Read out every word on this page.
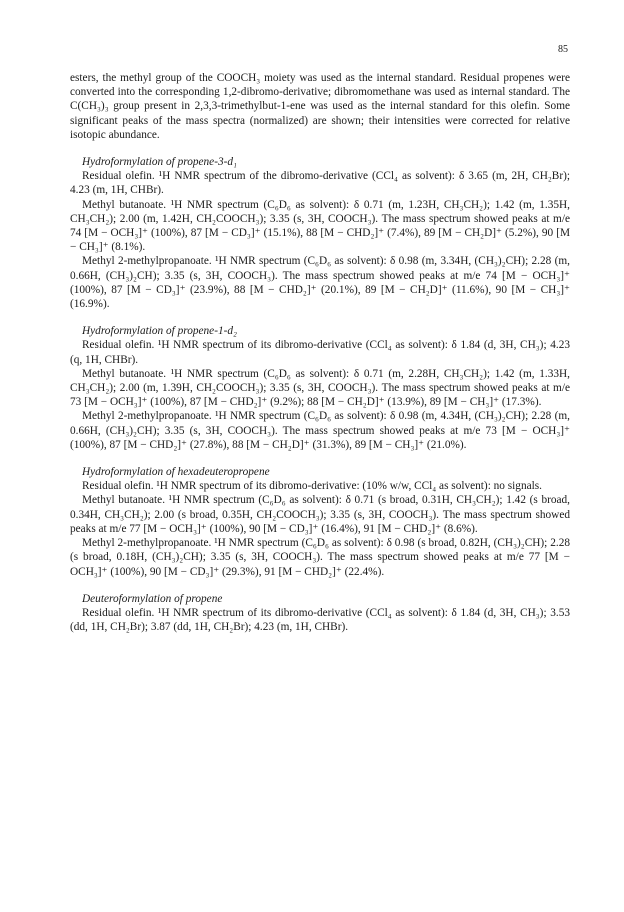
85

esters, the methyl group of the COOCH₃ moiety was used as the internal standard. Residual propenes were converted into the corresponding 1,2-dibromo-derivative; dibromomethane was used as internal standard. The C(CH₃)₃ group present in 2,3,3-trimethylbut-1-ene was used as the internal standard for this olefin. Some significant peaks of the mass spectra (normalized) are shown; their intensities were corrected for relative isotopic abundance.

Hydroformylation of propene-3-d₁

Residual olefin. ¹H NMR spectrum of the dibromo-derivative (CCl₄ as solvent): δ 3.65 (m, 2H, CH₂Br); 4.23 (m, 1H, CHBr).

Methyl butanoate. ¹H NMR spectrum (C₆D₆ as solvent): δ 0.71 (m, 1.23H, CH₃CH₂); 1.42 (m, 1.35H, CH₃CH₂); 2.00 (m, 1.42H, CH₂COOCH₃); 3.35 (s, 3H, COOCH₃). The mass spectrum showed peaks at m/e 74 [M − OCH₃]⁺ (100%), 87 [M − CD₃]⁺ (15.1%), 88 [M − CHD₂]⁺ (7.4%), 89 [M − CH₂D]⁺ (5.2%), 90 [M − CH₃]⁺ (8.1%).

Methyl 2-methylpropanoate. ¹H NMR spectrum (C₆D₆ as solvent): δ 0.98 (m, 3.34H, (CH₃)₂CH); 2.28 (m, 0.66H, (CH₃)₂CH); 3.35 (s, 3H, COOCH₃). The mass spectrum showed peaks at m/e 74 [M − OCH₃]⁺ (100%), 87 [M − CD₃]⁺ (23.9%), 88 [M − CHD₂]⁺ (20.1%), 89 [M − CH₂D]⁺ (11.6%), 90 [M − CH₃]⁺ (16.9%).

Hydroformylation of propene-1-d₂

Residual olefin. ¹H NMR spectrum of its dibromo-derivative (CCl₄ as solvent): δ 1.84 (d, 3H, CH₃); 4.23 (q, 1H, CHBr).

Methyl butanoate. ¹H NMR spectrum (C₆D₆ as solvent): δ 0.71 (m, 2.28H, CH₃CH₂); 1.42 (m, 1.33H, CH₃CH₂); 2.00 (m, 1.39H, CH₂COOCH₃); 3.35 (s, 3H, COOCH₃). The mass spectrum showed peaks at m/e 73 [M − OCH₃]⁺ (100%), 87 [M − CHD₂]⁺ (9.2%); 88 [M − CH₂D]⁺ (13.9%), 89 [M − CH₃]⁺ (17.3%).

Methyl 2-methylpropanoate. ¹H NMR spectrum (C₆D₆ as solvent): δ 0.98 (m, 4.34H, (CH₃)₂CH); 2.28 (m, 0.66H, (CH₃)₂CH); 3.35 (s, 3H, COOCH₃). The mass spectrum showed peaks at m/e 73 [M − OCH₃]⁺ (100%), 87 [M − CHD₂]⁺ (27.8%), 88 [M − CH₂D]⁺ (31.3%), 89 [M − CH₃]⁺ (21.0%).

Hydroformylation of hexadeuteropropene

Residual olefin. ¹H NMR spectrum of its dibromo-derivative: (10% w/w, CCl₄ as solvent): no signals.

Methyl butanoate. ¹H NMR spectrum (C₆D₆ as solvent): δ 0.71 (s broad, 0.31H, CH₃CH₂); 1.42 (s broad, 0.34H, CH₃CH₂); 2.00 (s broad, 0.35H, CH₂COOCH₃); 3.35 (s, 3H, COOCH₃). The mass spectrum showed peaks at m/e 77 [M − OCH₃]⁺ (100%), 90 [M − CD₃]⁺ (16.4%), 91 [M − CHD₂]⁺ (8.6%).

Methyl 2-methylpropanoate. ¹H NMR spectrum (C₆D₆ as solvent): δ 0.98 (s broad, 0.82H, (CH₃)₂CH); 2.28 (s broad, 0.18H, (CH₃)₂CH); 3.35 (s, 3H, COOCH₃). The mass spectrum showed peaks at m/e 77 [M − OCH₃]⁺ (100%), 90 [M − CD₃]⁺ (29.3%), 91 [M − CHD₂]⁺ (22.4%).

Deuteroformylation of propene

Residual olefin. ¹H NMR spectrum of its dibromo-derivative (CCl₄ as solvent): δ 1.84 (d, 3H, CH₃); 3.53 (dd, 1H, CH₂Br); 3.87 (dd, 1H, CH₂Br); 4.23 (m, 1H, CHBr).
